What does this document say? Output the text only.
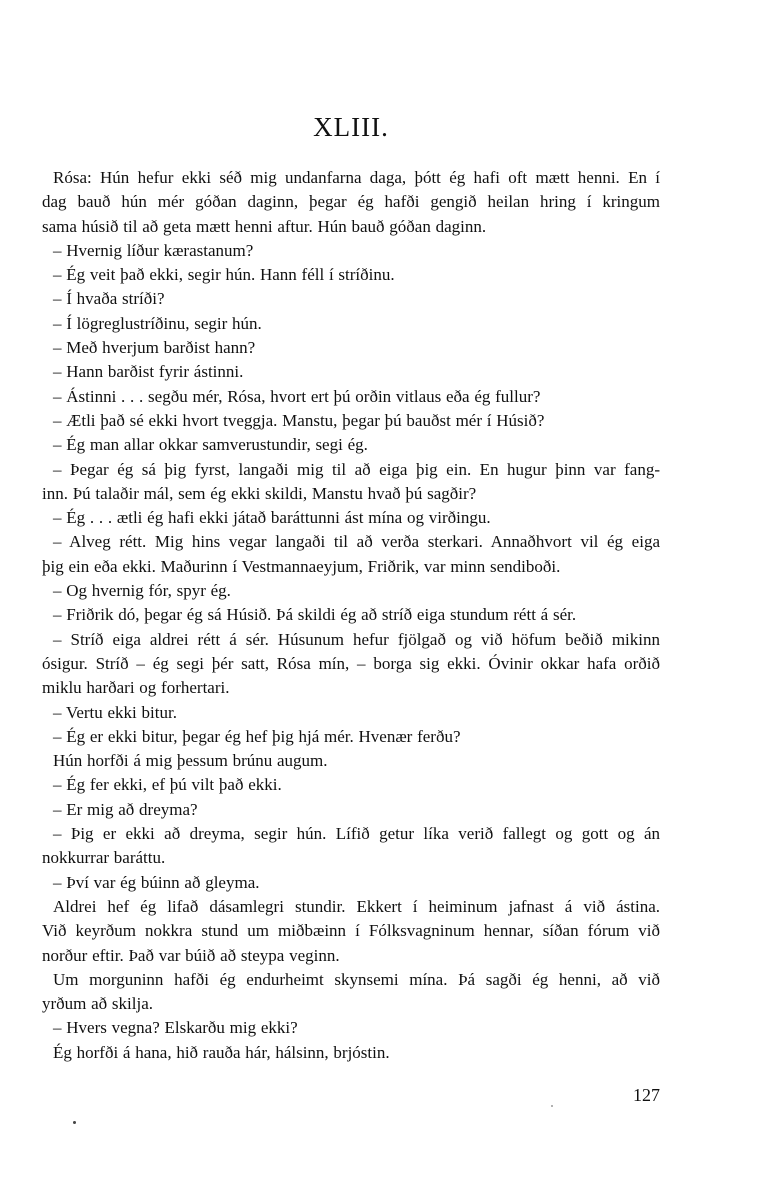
XLIII.
Rósa: Hún hefur ekki séð mig undanfarna daga, þótt ég hafi oft mætt henni. En í
dag bauð hún mér góðan daginn, þegar ég hafði gengið heilan hring í kringum
sama húsið til að geta mætt henni aftur. Hún bauð góðan daginn.
– Hvernig líður kærastanum?
– Ég veit það ekki, segir hún. Hann féll í stríðinu.
– Í hvaða stríði?
– Í lögreglustríðinu, segir hún.
– Með hverjum barðist hann?
– Hann barðist fyrir ástinni.
– Ástinni . . . segðu mér, Rósa, hvort ert þú orðin vitlaus eða ég fullur?
– Ætli það sé ekki hvort tveggja. Manstu, þegar þú bauðst mér í Húsið?
– Ég man allar okkar samverustundir, segi ég.
– Þegar ég sá þig fyrst, langaði mig til að eiga þig ein. En hugur þinn var fang-
inn. Þú talaðir mál, sem ég ekki skildi, Manstu hvað þú sagðir?
– Ég . . . ætli ég hafi ekki játað baráttunni ást mína og virðingu.
– Alveg rétt. Mig hins vegar langaði til að verða sterkari. Annaðhvort vil ég eiga
þig ein eða ekki. Maðurinn í Vestmannaeyjum, Friðrik, var minn sendiboði.
– Og hvernig fór, spyr ég.
– Friðrik dó, þegar ég sá Húsið. Þá skildi ég að stríð eiga stundum rétt á sér.
– Stríð eiga aldrei rétt á sér. Húsunum hefur fjölgað og við höfum beðið mikinn
ósigur. Stríð – ég segi þér satt, Rósa mín, – borga sig ekki. Óvinir okkar hafa orðið
miklu harðari og forhertari.
– Vertu ekki bitur.
– Ég er ekki bitur, þegar ég hef þig hjá mér. Hvenær ferðu?
Hún horfði á mig þessum brúnu augum.
– Ég fer ekki, ef þú vilt það ekki.
– Er mig að dreyma?
– Þig er ekki að dreyma, segir hún. Lífið getur líka verið fallegt og gott og án
nokkurrar baráttu.
– Því var ég búinn að gleyma.
Aldrei hef ég lifað dásamlegri stundir. Ekkert í heiminum jafnast á við ástina.
Við keyrðum nokkra stund um miðbæinn í Fólksvagninum hennar, síðan fórum við
norður eftir. Það var búið að steypa veginn.
Um morguninn hafði ég endurheimt skynsemi mína. Þá sagði ég henni, að við
yrðum að skilja.
– Hvers vegna? Elskarðu mig ekki?
Ég horfði á hana, hið rauða hár, hálsinn, brjóstin.
127
